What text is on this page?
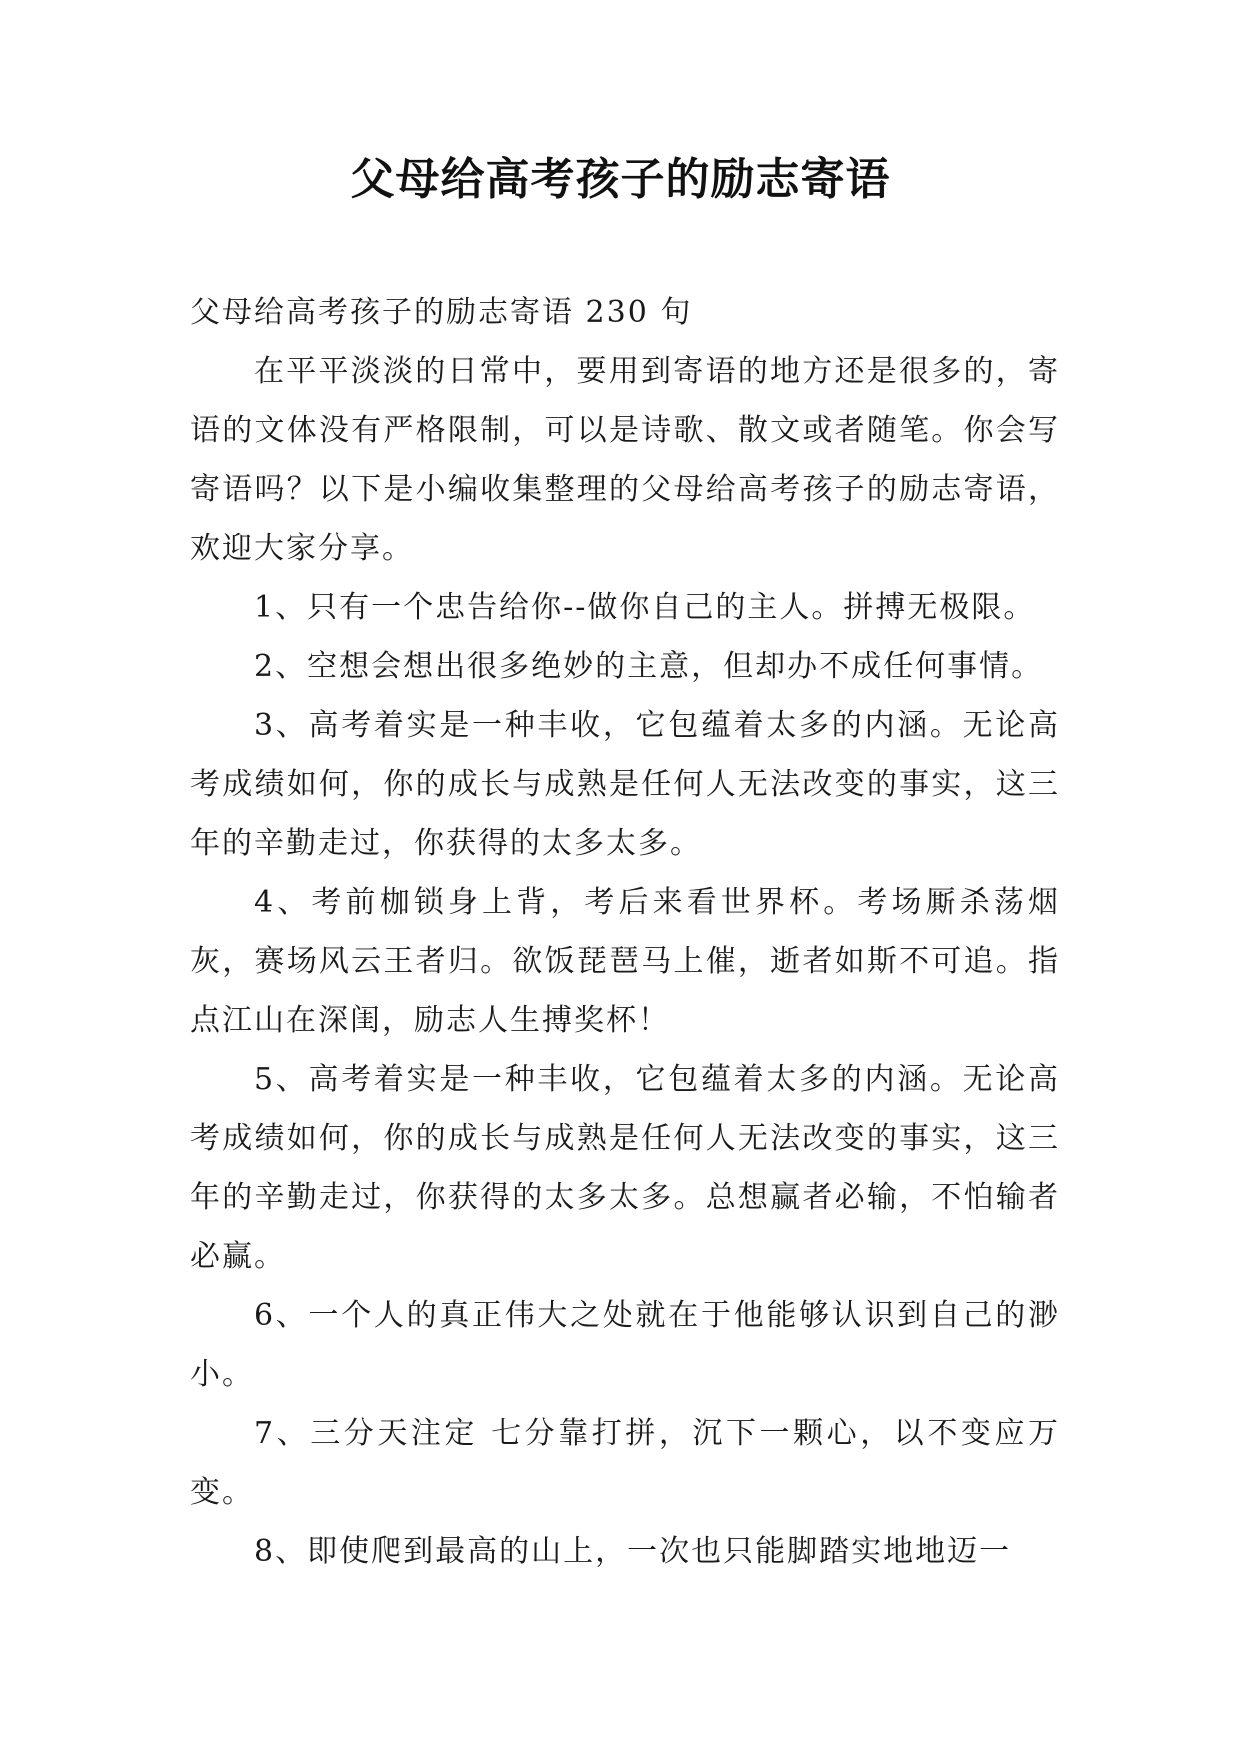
父母给高考孩子的励志寄语

父母给高考孩子的励志寄语 230 句

在平平淡淡的日常中，要用到寄语的地方还是很多的，寄语的文体没有严格限制，可以是诗歌、散文或者随笔。你会写寄语吗？以下是小编收集整理的父母给高考孩子的励志寄语，欢迎大家分享。

1、只有一个忠告给你--做你自己的主人。拼搏无极限。

2、空想会想出很多绝妙的主意，但却办不成任何事情。

3、高考着实是一种丰收，它包蕴着太多的内涵。无论高考成绩如何，你的成长与成熟是任何人无法改变的事实，这三年的辛勤走过，你获得的太多太多。

4、考前枷锁身上背，考后来看世界杯。考场厮杀荡烟灰，赛场风云王者归。欲饭琵琶马上催，逝者如斯不可追。指点江山在深闺，励志人生搏奖杯！

5、高考着实是一种丰收，它包蕴着太多的内涵。无论高考成绩如何，你的成长与成熟是任何人无法改变的事实，这三年的辛勤走过，你获得的太多太多。总想赢者必输，不怕输者必赢。

6、一个人的真正伟大之处就在于他能够认识到自己的渺小。

7、三分天注定 七分靠打拼，沉下一颗心，以不变应万变。

8、即使爬到最高的山上，一次也只能脚踏实地地迈一
